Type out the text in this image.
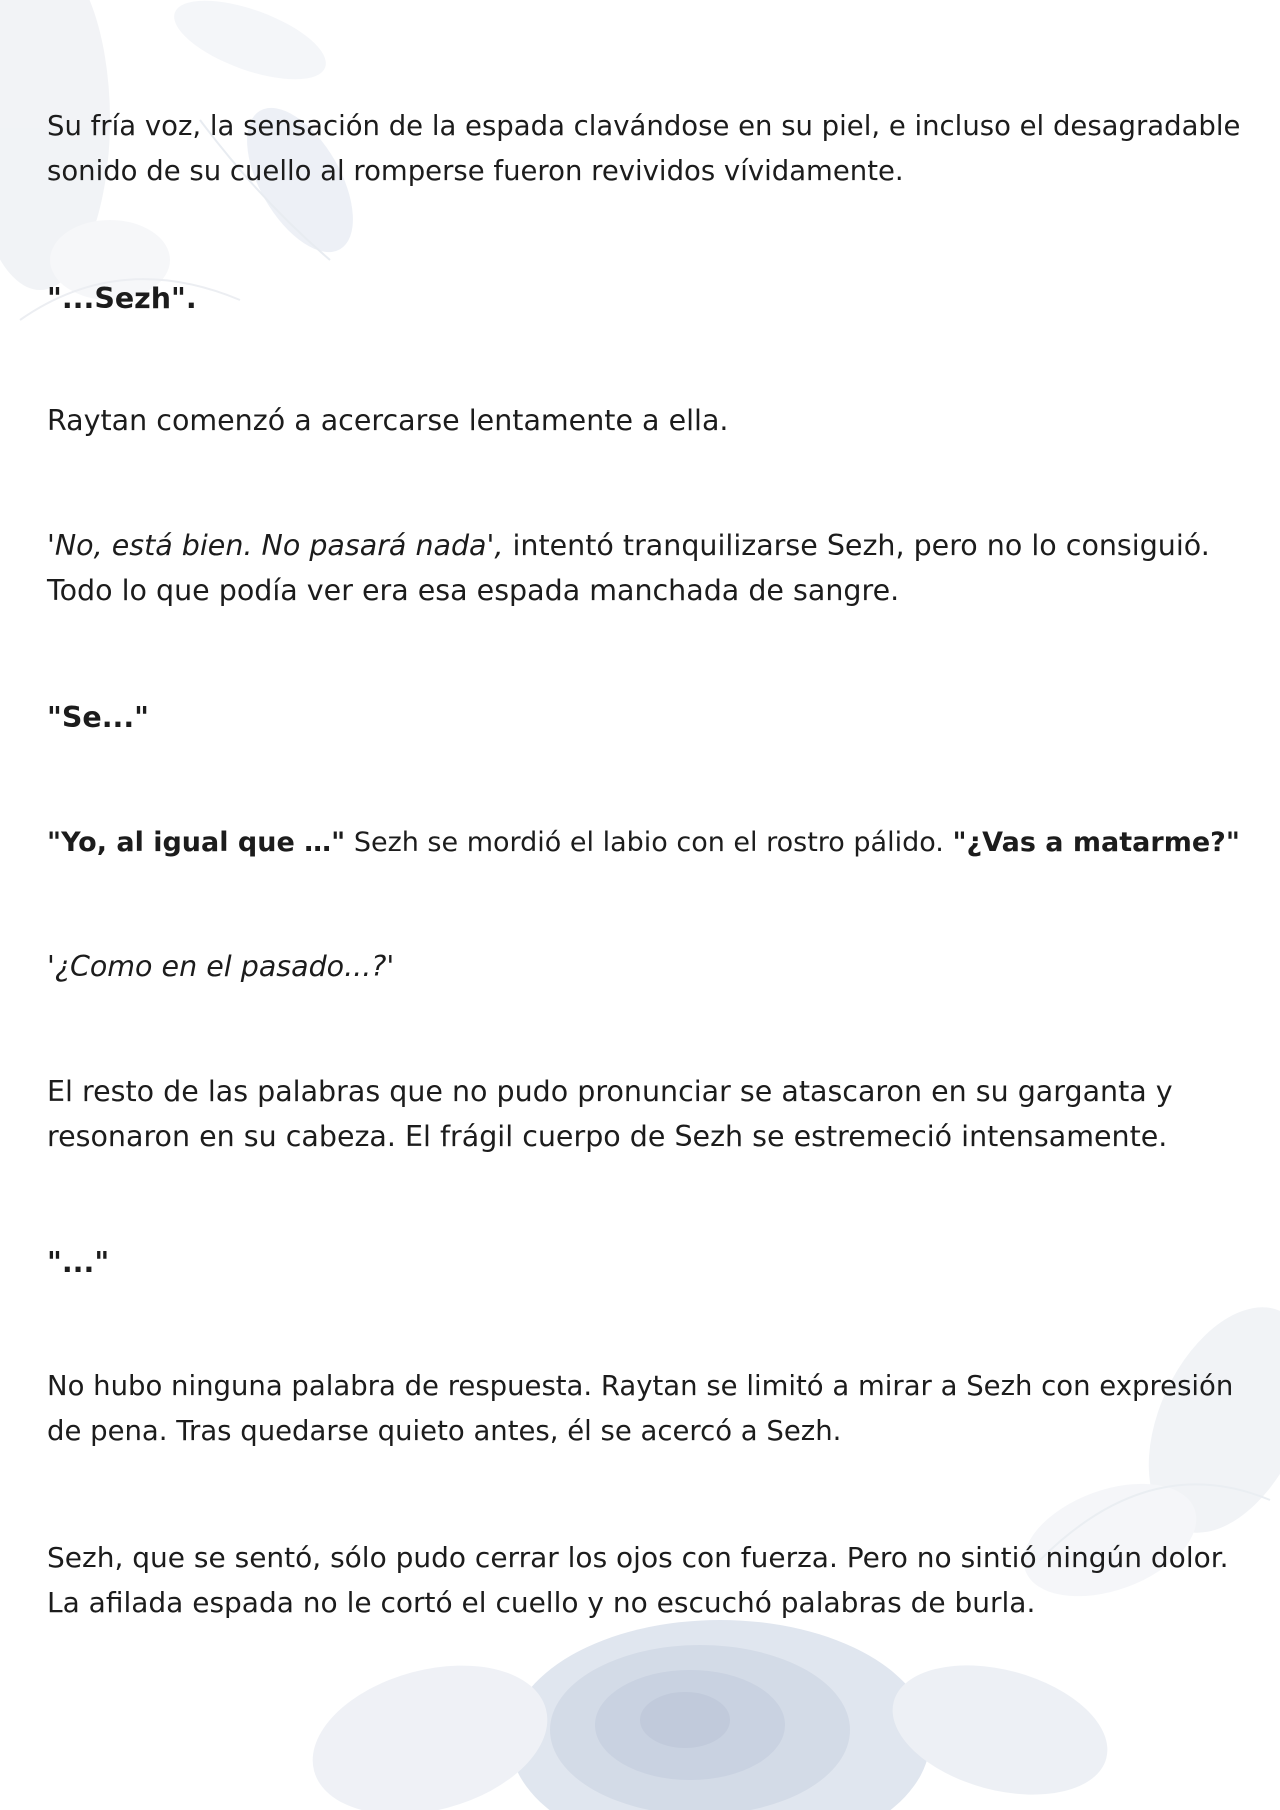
Su fría voz, la sensación de la espada clavándose en su piel, e incluso el desagradable
sonido de su cuello al romperse fueron revividos vívidamente.

"...Sezh".

Raytan comenzó a acercarse lentamente a ella.

'No, está bien. No pasará nada', intentó tranquilizarse Sezh, pero no lo consiguió.
Todo lo que podía ver era esa espada manchada de sangre.

"Se..."

"Yo, al igual que …" Sezh se mordió el labio con el rostro pálido. "¿Vas a matarme?"

'¿Como en el pasado...?'

El resto de las palabras que no pudo pronunciar se atascaron en su garganta y
resonaron en su cabeza. El frágil cuerpo de Sezh se estremeció intensamente.

"..."

No hubo ninguna palabra de respuesta. Raytan se limitó a mirar a Sezh con expresión
de pena. Tras quedarse quieto antes, él se acercó a Sezh.

Sezh, que se sentó, sólo pudo cerrar los ojos con fuerza. Pero no sintió ningún dolor.
La afilada espada no le cortó el cuello y no escuchó palabras de burla.
